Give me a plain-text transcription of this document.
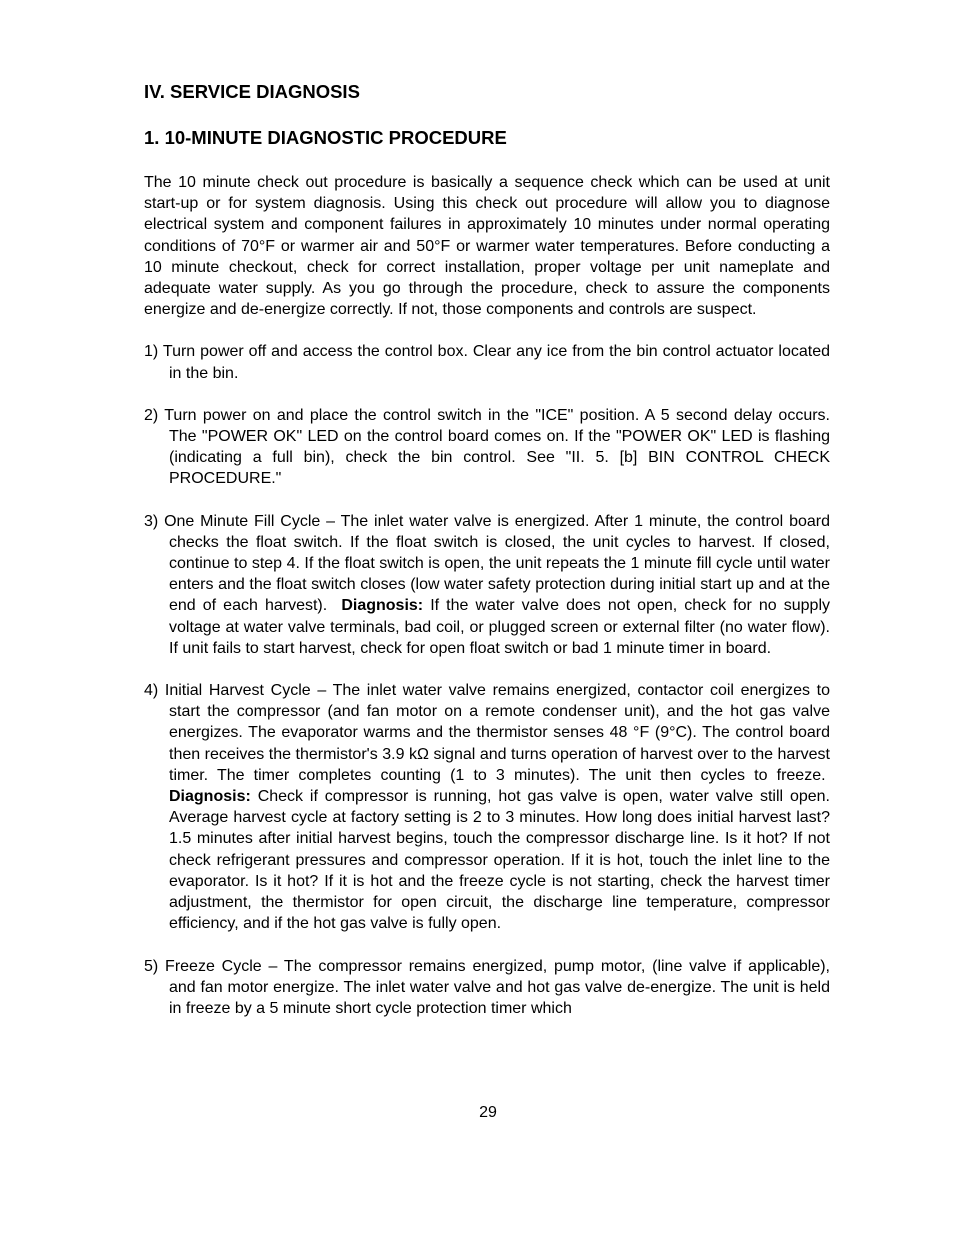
IV. SERVICE DIAGNOSIS
1. 10-MINUTE DIAGNOSTIC PROCEDURE

The 10 minute check out procedure is basically a sequence check which can be used at unit start-up or for system diagnosis. Using this check out procedure will allow you to diagnose electrical system and component failures in approximately 10 minutes under normal operating conditions of 70°F or warmer air and 50°F or warmer water temperatures. Before conducting a 10 minute checkout, check for correct installation, proper voltage per unit nameplate and adequate water supply. As you go through the procedure, check to assure the components energize and de-energize correctly. If not, those components and controls are suspect.

1) Turn power off and access the control box. Clear any ice from the bin control actuator located in the bin.

2) Turn power on and place the control switch in the "ICE" position. A 5 second delay occurs. The "POWER OK" LED on the control board comes on. If the "POWER OK" LED is flashing (indicating a full bin), check the bin control. See "II. 5. [b] BIN CONTROL CHECK PROCEDURE."

3) One Minute Fill Cycle – The inlet water valve is energized. After 1 minute, the control board checks the float switch. If the float switch is closed, the unit cycles to harvest. If closed, continue to step 4. If the float switch is open, the unit repeats the 1 minute fill cycle until water enters and the float switch closes (low water safety protection during initial start up and at the end of each harvest). Diagnosis: If the water valve does not open, check for no supply voltage at water valve terminals, bad coil, or plugged screen or external filter (no water flow). If unit fails to start harvest, check for open float switch or bad 1 minute timer in board.

4) Initial Harvest Cycle – The inlet water valve remains energized, contactor coil energizes to start the compressor (and fan motor on a remote condenser unit), and the hot gas valve energizes. The evaporator warms and the thermistor senses 48 °F (9°C). The control board then receives the thermistor's 3.9 kΩ signal and turns operation of harvest over to the harvest timer. The timer completes counting (1 to 3 minutes). The unit then cycles to freeze.  Diagnosis: Check if compressor is running, hot gas valve is open, water valve still open. Average harvest cycle at factory setting is 2 to 3 minutes. How long does initial harvest last? 1.5 minutes after initial harvest begins, touch the compressor discharge line. Is it hot? If not check refrigerant pressures and compressor operation. If it is hot, touch the inlet line to the evaporator. Is it hot? If it is hot and the freeze cycle is not starting, check the harvest timer adjustment, the thermistor for open circuit, the discharge line temperature, compressor efficiency, and if the hot gas valve is fully open.

5) Freeze Cycle – The compressor remains energized, pump motor, (line valve if applicable), and fan motor energize. The inlet water valve and hot gas valve de-energize. The unit is held in freeze by a 5 minute short cycle protection timer which

29
